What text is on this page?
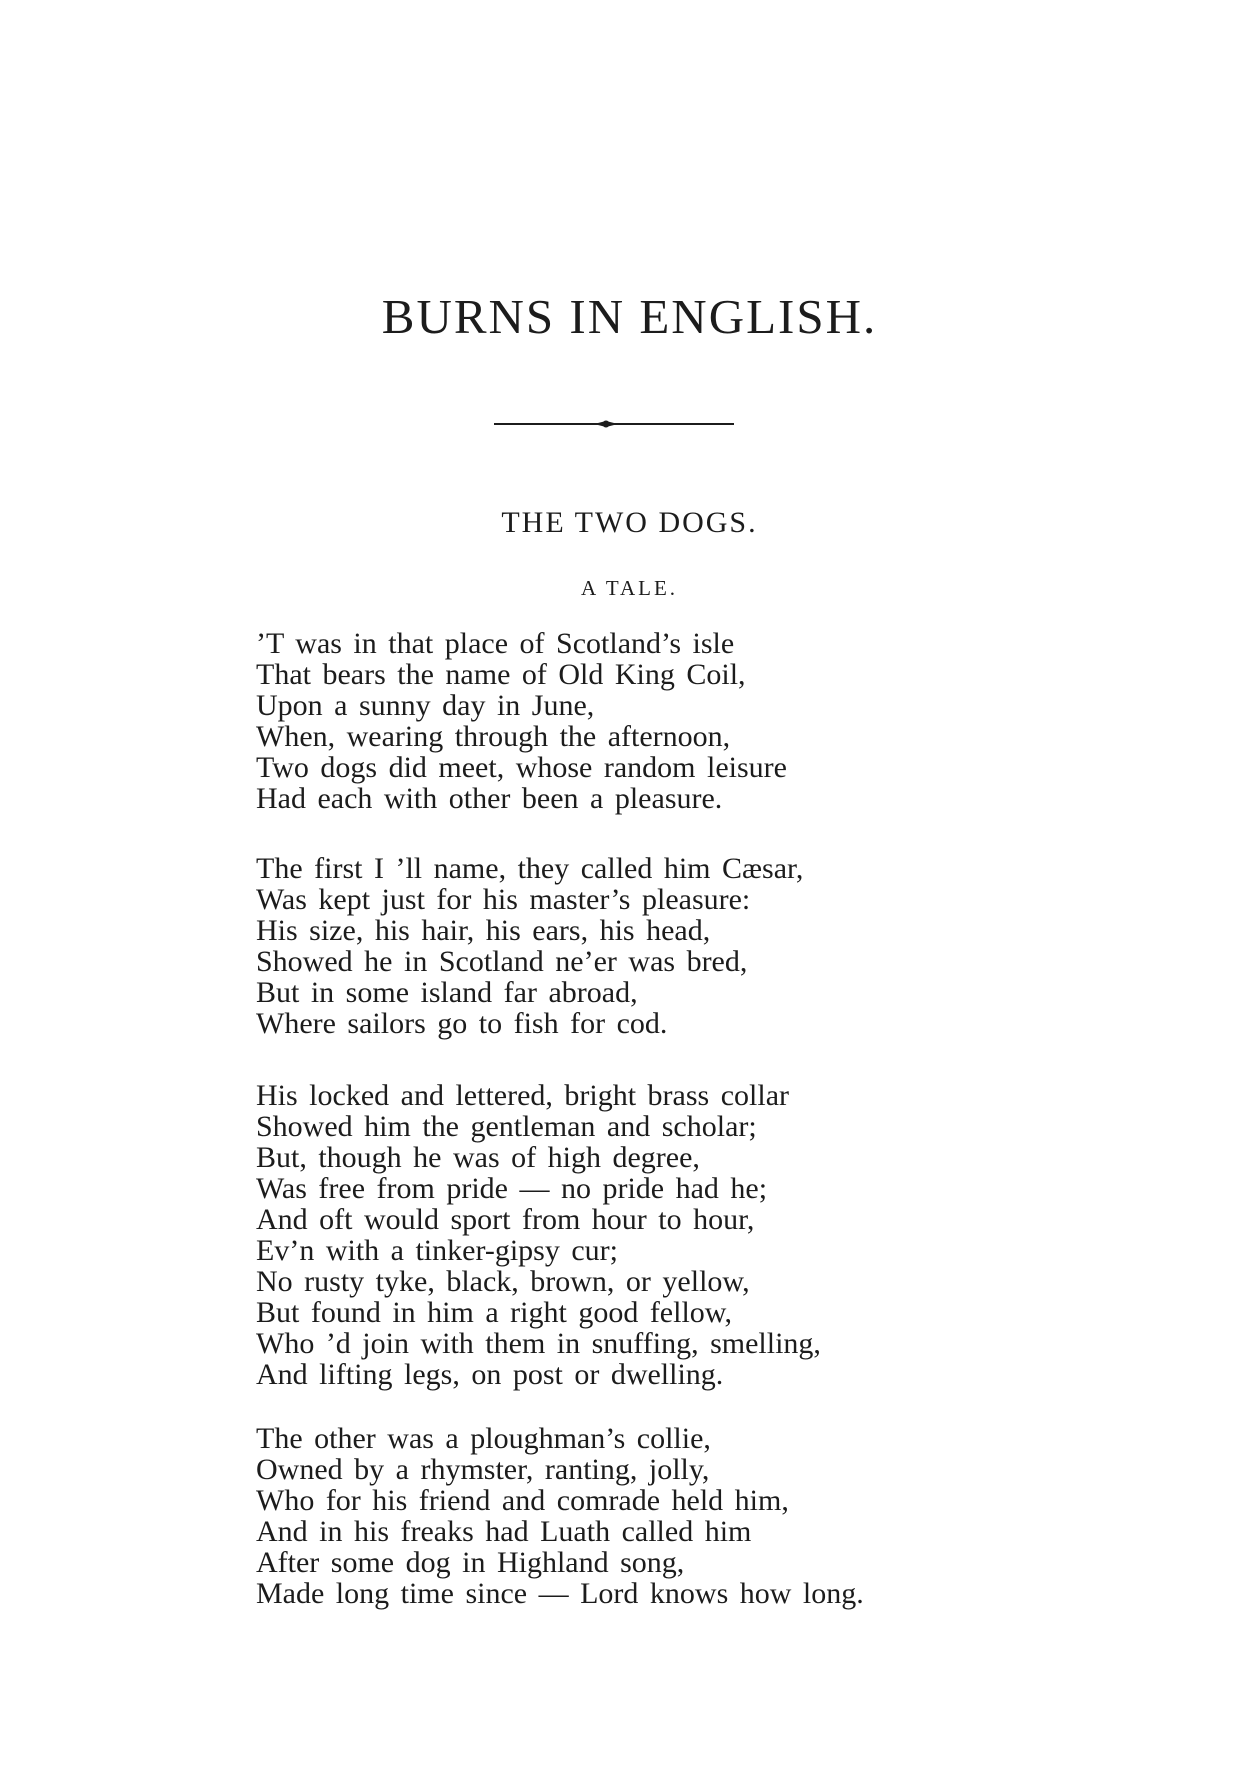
BURNS IN ENGLISH.
THE TWO DOGS.
A TALE.
’T was in that place of Scotland’s isle
That bears the name of Old King Coil,
Upon a sunny day in June,
When, wearing through the afternoon,
Two dogs did meet, whose random leisure
Had each with other been a pleasure.
The first I ’ll name, they called him Cæsar,
Was kept just for his master’s pleasure:
His size, his hair, his ears, his head,
Showed he in Scotland ne’er was bred,
But in some island far abroad,
Where sailors go to fish for cod.
His locked and lettered, bright brass collar
Showed him the gentleman and scholar;
But, though he was of high degree,
Was free from pride — no pride had he;
And oft would sport from hour to hour,
Ev’n with a tinker-gipsy cur;
No rusty tyke, black, brown, or yellow,
But found in him a right good fellow,
Who ’d join with them in snuffing, smelling,
And lifting legs, on post or dwelling.
The other was a ploughman’s collie,
Owned by a rhymster, ranting, jolly,
Who for his friend and comrade held him,
And in his freaks had Luath called him
After some dog in Highland song,
Made long time since — Lord knows how long.
